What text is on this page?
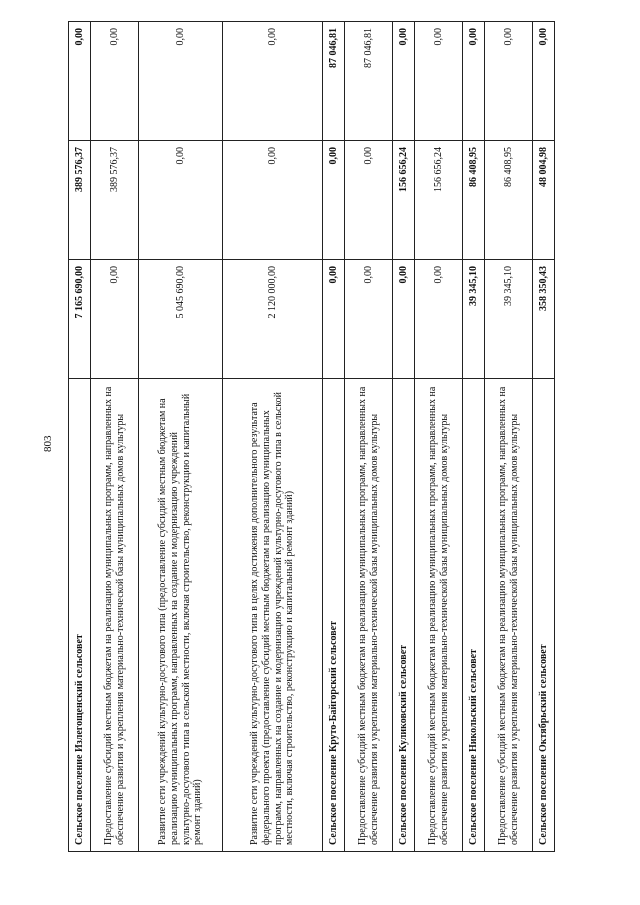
803
Сельское поселение Излегощенский сельсовет	7 165 690,00	389 576,37	0,00
Предоставление субсидий местным бюджетам на реализацию муниципальных программ, направленных на обеспечение развития и укрепления материально-технической базы муниципальных домов культуры	0,00	389 576,37	0,00
Развитие сети учреждений культурно-досугового типа (предоставление субсидий местным бюджетам на реализацию муниципальных программ, направленных на создание и модернизацию учреждений культурно-досугового типа в сельской местности, включая строительство, реконструкцию и капитальный ремонт зданий)	5 045 690,00	0,00	0,00
Развитие сети учреждений культурно-досугового типа в целях достижения дополнительного результата федерального проекта (предоставление субсидий местным бюджетам на реализацию муниципальных программ, направленных на создание и модернизацию учреждений культурно-досугового типа в сельской местности, включая строительство, реконструкцию и капитальный ремонт зданий)	2 120 000,00	0,00	0,00
Сельское поселение Круто-Байгорский сельсовет	0,00	0,00	87 046,81
Предоставление субсидий местным бюджетам на реализацию муниципальных программ, направленных на обеспечение развития и укрепления материально-технической базы муниципальных домов культуры	0,00	0,00	87 046,81
Сельское поселение Куликовский сельсовет	0,00	156 656,24	0,00
Предоставление субсидий местным бюджетам на реализацию муниципальных программ, направленных на обеспечение развития и укрепления материально-технической базы муниципальных домов культуры	0,00	156 656,24	0,00
Сельское поселение Никольский сельсовет	39 345,10	86 408,95	0,00
Предоставление субсидий местным бюджетам на реализацию муниципальных программ, направленных на обеспечение развития и укрепления материально-технической базы муниципальных домов культуры	39 345,10	86 408,95	0,00
Сельское поселение Октябрьский сельсовет	358 350,43	48 004,98	0,00
